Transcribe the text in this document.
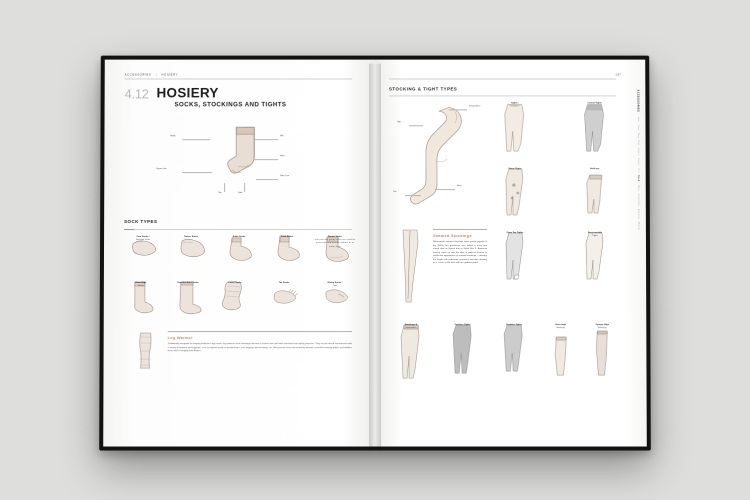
ACCESSORIES | HOSIERY
4.12 HOSIERY
SOCKS, STOCKINGS AND TIGHTS
Body	Rib
Heel
Seam Line
Toe	Sole
Sole Line
SOCK TYPES
Foot Socks /
No-show socks
Trainer Socks	Ankle Socks	Crew Socks	Bootie Socks
with non-slip grippy soles are used for protection and warmth indoors or at under-layer
Knee-High
Socks
Over-the-Knee Socks	Loose Socks	Toe Socks	Diving Socks /
Tabi
Leg Warmer
Traditionally designed for keeping ballerinas' legs warm, leg warmers have nowadays become a fashion item with both functional and styling purposes. They can be mixed and matched with a variety of footwear and leggings, such as layered inside or outside boots, over leggings and stockings, etc. New parents have also found leg warmers useful for keeping babies and toddlers warm while changing their diapers.
187
STOCKING & TIGHT TYPES
Suspenders
Clip
Toe
Heel
Tights /
Pantyhose
Control Tights
Tattoo Tights	Hold-ups
Open Toe Tights	Sexy Invisible
Tights
Seamed Stockings
Nylon-made seamed stockings were greatly popular in the 1940s, but production was halted a mere one month after its launch due to World War II. American women came up with the idea of paint-on hosiery to imitate the appearance of seamed stockings – covering the length with nude-tone cosmetics and then drawing on a 'seam' at the back with an eyebrow pencil.
Stockings &
Suspenders
Footless Tights	Footless Tights	Knee-high
Stockings
Opaque High
Stockings
ACCESSORIES
Hat
Cap
Bag
Belt
Scarf
Glove
Tie
Sock
Shoe
Jewellery
Eyewear
Watch
